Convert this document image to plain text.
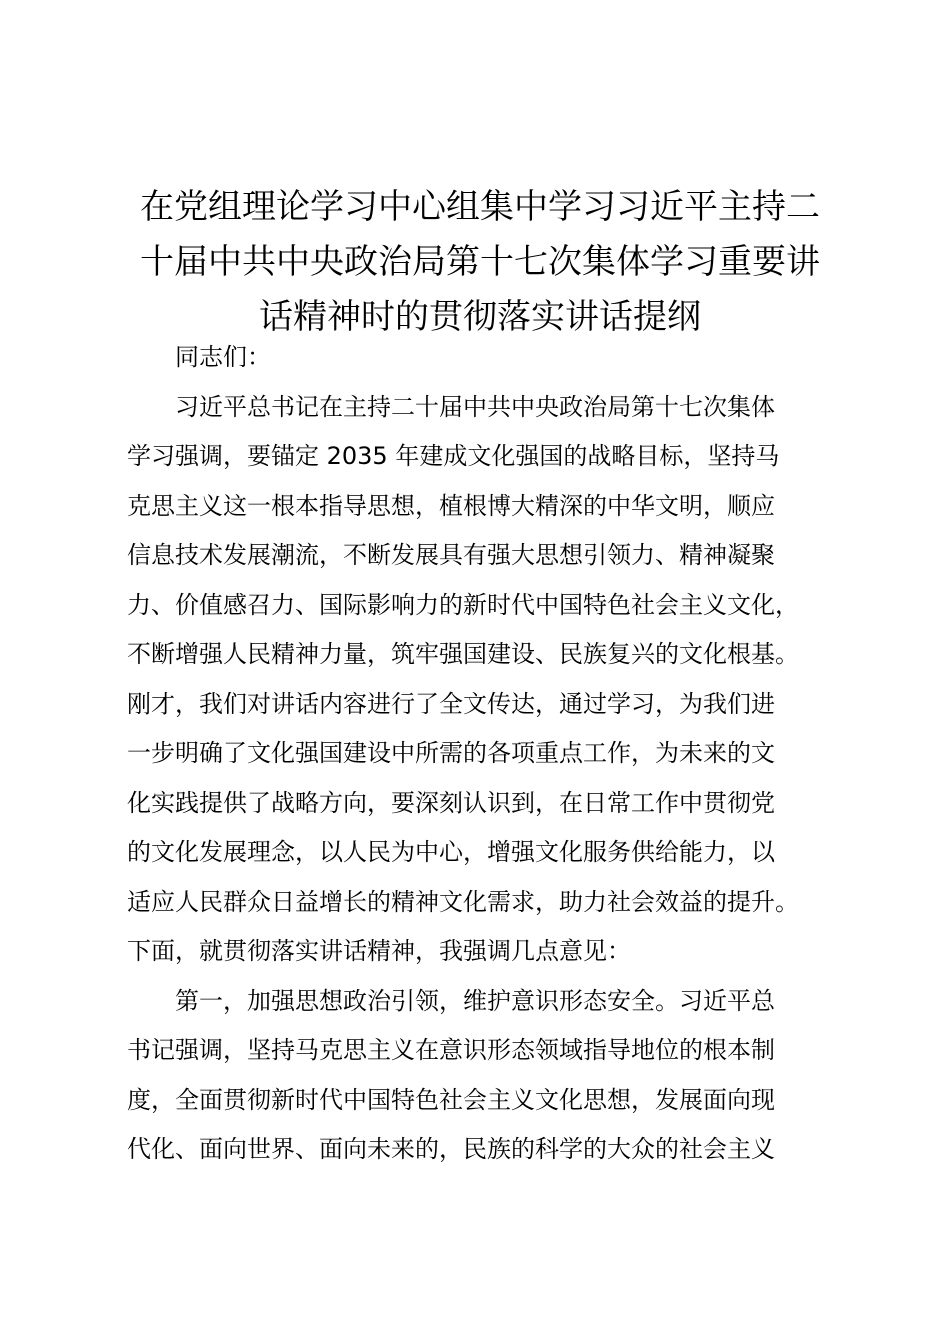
在党组理论学习中心组集中学习习近平主持二
十届中共中央政治局第十七次集体学习重要讲
话精神时的贯彻落实讲话提纲
　　同志们：
　　习近平总书记在主持二十届中共中央政治局第十七次集体
学习强调，要锚定 2035 年建成文化强国的战略目标，坚持马
克思主义这一根本指导思想，植根博大精深的中华文明，顺应
信息技术发展潮流，不断发展具有强大思想引领力、精神凝聚
力、价值感召力、国际影响力的新时代中国特色社会主义文化，
不断增强人民精神力量，筑牢强国建设、民族复兴的文化根基。
刚才，我们对讲话内容进行了全文传达，通过学习，为我们进
一步明确了文化强国建设中所需的各项重点工作，为未来的文
化实践提供了战略方向，要深刻认识到，在日常工作中贯彻党
的文化发展理念，以人民为中心，增强文化服务供给能力，以
适应人民群众日益增长的精神文化需求，助力社会效益的提升。
下面，就贯彻落实讲话精神，我强调几点意见：
　　第一，加强思想政治引领，维护意识形态安全。习近平总
书记强调，坚持马克思主义在意识形态领域指导地位的根本制
度，全面贯彻新时代中国特色社会主义文化思想，发展面向现
代化、面向世界、面向未来的，民族的科学的大众的社会主义
